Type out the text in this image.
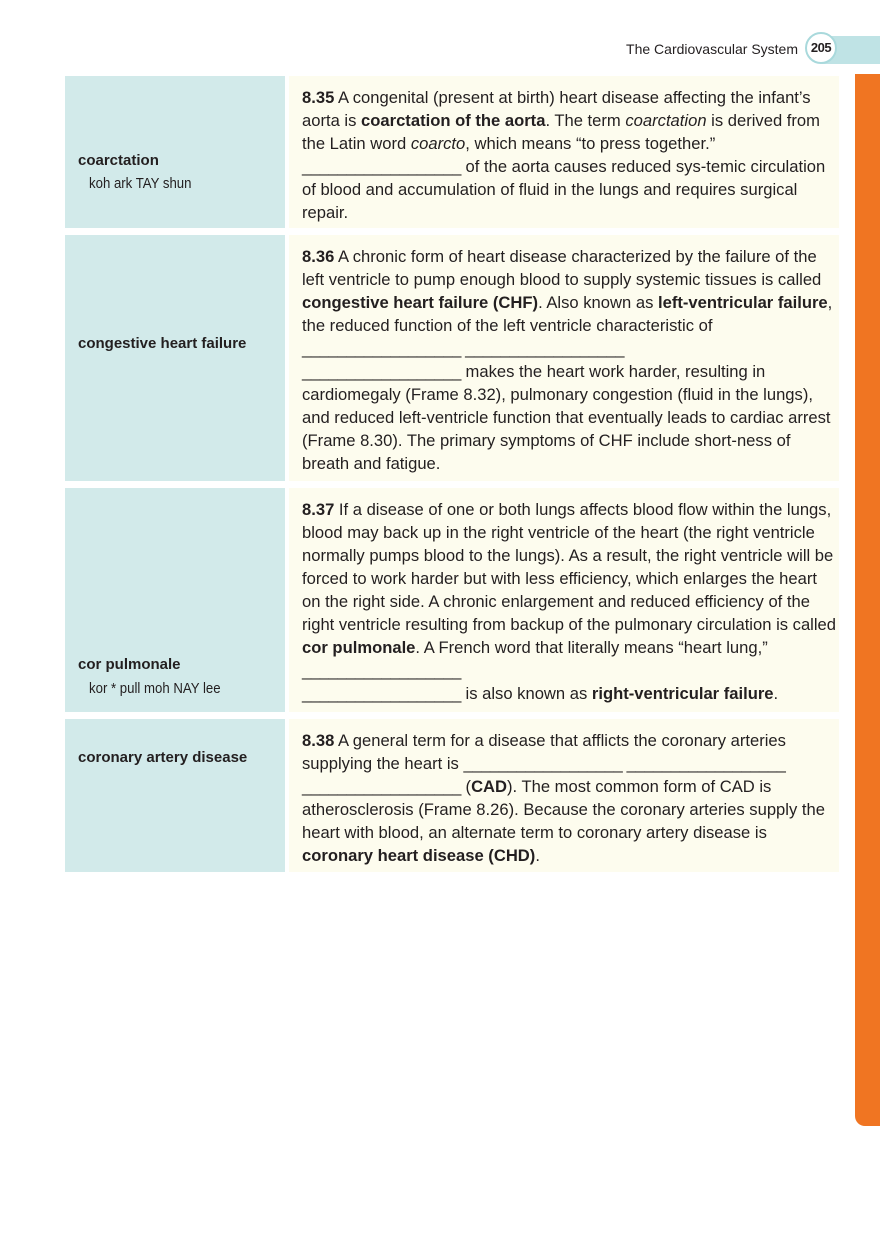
The Cardiovascular System 205
coarctation
koh ark TAY shun
8.35 A congenital (present at birth) heart disease affecting the infant’s aorta is coarctation of the aorta. The term coarctation is derived from the Latin word coarcto, which means “to press together.” __________________ of the aorta causes reduced sys-temic circulation of blood and accumulation of fluid in the lungs and requires surgical repair.
congestive heart failure
8.36 A chronic form of heart disease characterized by the failure of the left ventricle to pump enough blood to supply systemic tissues is called congestive heart failure (CHF). Also known as left-ventricular failure, the reduced function of the left ventricle characteristic of __________________ __________________
__________________ makes the heart work harder, resulting in cardiomegaly (Frame 8.32), pulmonary congestion (fluid in the lungs), and reduced left-ventricle function that eventually leads to cardiac arrest (Frame 8.30). The primary symptoms of CHF include short-ness of breath and fatigue.
cor pulmonale
kor * pull moh NAY lee
8.37 If a disease of one or both lungs affects blood flow within the lungs, blood may back up in the right ventricle of the heart (the right ventricle normally pumps blood to the lungs). As a result, the right ventricle will be forced to work harder but with less efficiency, which enlarges the heart on the right side. A chronic enlargement and reduced efficiency of the right ventricle resulting from backup of the pulmonary circulation is called cor pulmonale. A French word that literally means “heart lung,” __________________
__________________ is also known as right-ventricular failure.
coronary artery disease
8.38 A general term for a disease that afflicts the coronary arteries supplying the heart is __________________ __________________
__________________ (CAD). The most common form of CAD is atherosclerosis (Frame 8.26). Because the coronary arteries supply the heart with blood, an alternate term to coronary artery disease is coronary heart disease (CHD).
